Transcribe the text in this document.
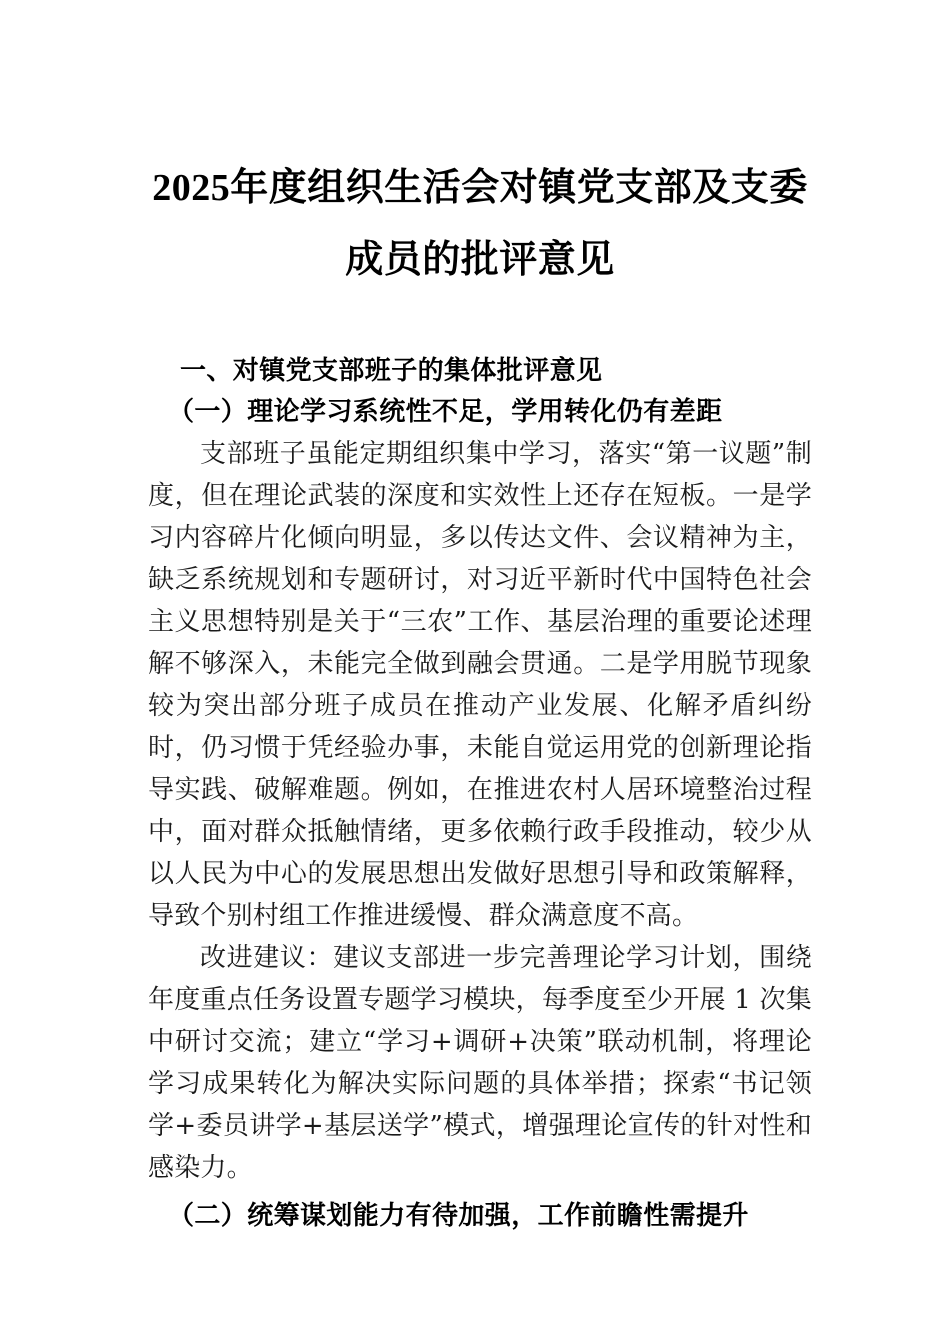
2025年度组织生活会对镇党支部及支委成员的批评意见
一、对镇党支部班子的集体批评意见
（一）理论学习系统性不足，学用转化仍有差距

支部班子虽能定期组织集中学习，落实“第一议题”制度，但在理论武装的深度和实效性上还存在短板。一是学习内容碎片化倾向明显，多以传达文件、会议精神为主，缺乏系统规划和专题研讨，对习近平新时代中国特色社会主义思想特别是关于“三农”工作、基层治理的重要论述理解不够深入，未能完全做到融会贯通。二是学用脱节现象较为突出部分班子成员在推动产业发展、化解矛盾纠纷时，仍习惯于凭经验办事，未能自觉运用党的创新理论指导实践、破解难题。例如，在推进农村人居环境整治过程中，面对群众抵触情绪，更多依赖行政手段推动，较少从以人民为中心的发展思想出发做好思想引导和政策解释，导致个别村组工作推进缓慢、群众满意度不高。

改进建议：建议支部进一步完善理论学习计划，围绕年度重点任务设置专题学习模块，每季度至少开展 1 次集中研讨交流；建立“学习+调研+决策”联动机制，将理论学习成果转化为解决实际问题的具体举措；探索“书记领学+委员讲学+基层送学”模式，增强理论宣传的针对性和感染力。

（二）统筹谋划能力有待加强，工作前瞻性需提升
